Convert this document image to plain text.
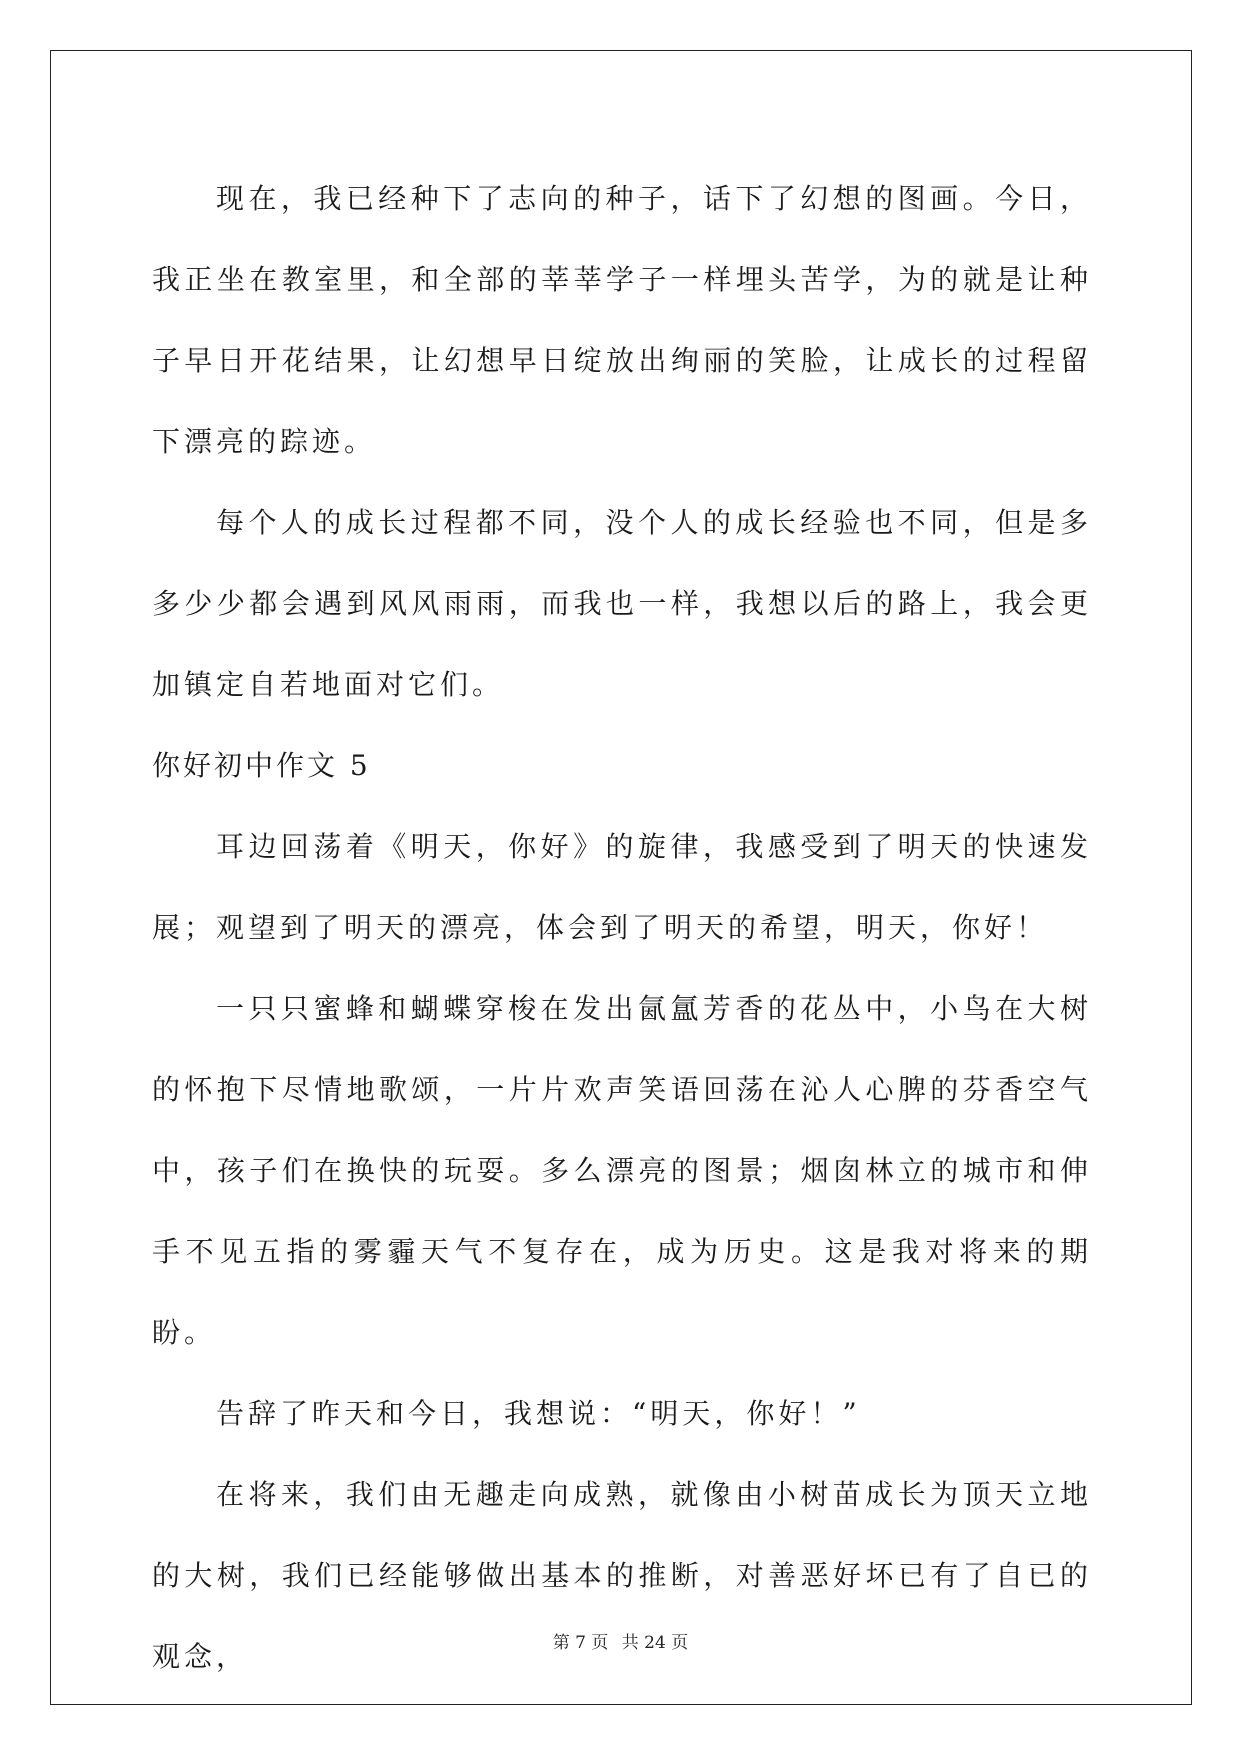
现在，我已经种下了志向的种子，话下了幻想的图画。今日，我正坐在教室里，和全部的莘莘学子一样埋头苦学，为的就是让种子早日开花结果，让幻想早日绽放出绚丽的笑脸，让成长的过程留下漂亮的踪迹。

每个人的成长过程都不同，没个人的成长经验也不同，但是多多少少都会遇到风风雨雨，而我也一样，我想以后的路上，我会更加镇定自若地面对它们。

你好初中作文 5

耳边回荡着《明天，你好》的旋律，我感受到了明天的快速发展；观望到了明天的漂亮，体会到了明天的希望，明天，你好！

一只只蜜蜂和蝴蝶穿梭在发出氤氲芳香的花丛中，小鸟在大树的怀抱下尽情地歌颂，一片片欢声笑语回荡在沁人心脾的芬香空气中，孩子们在换快的玩耍。多么漂亮的图景；烟囱林立的城市和伸手不见五指的雾霾天气不复存在，成为历史。这是我对将来的期盼。

告辞了昨天和今日，我想说：“明天，你好！”

在将来，我们由无趣走向成熟，就像由小树苗成长为顶天立地的大树，我们已经能够做出基本的推断，对善恶好坏已有了自已的观念，	第 7 页 共 24 页
